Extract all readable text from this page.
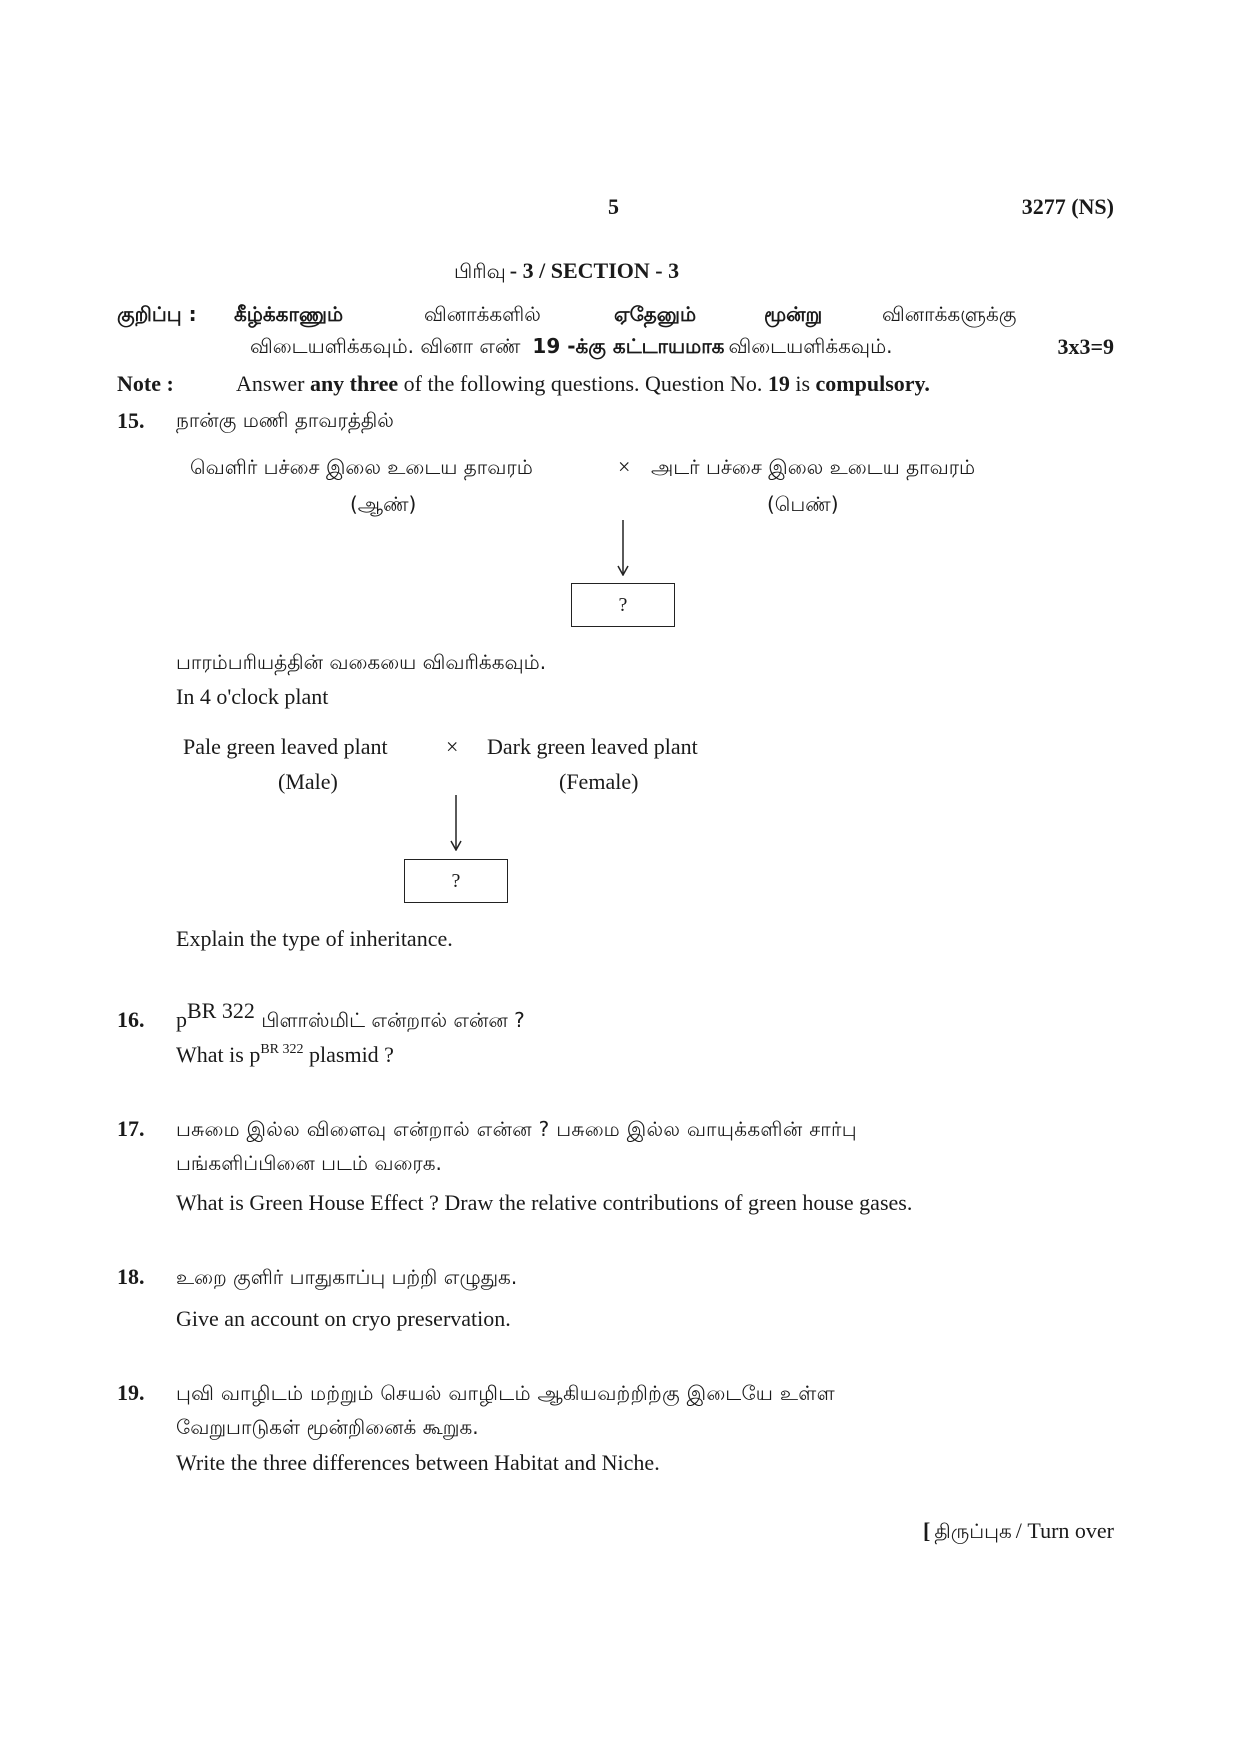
5	3277 (NS)
பிரிவு - 3 / SECTION - 3
குறிப்பு : கீழ்க்காணும்	வினாக்களில்	ஏதேனும்	மூன்று	வினாக்களுக்கு
விடையளிக்கவும். வினா எண் 19 -க்கு கட்டாயமாக விடையளிக்கவும்.	3x3=9
Note :	Answer any three of the following questions. Question No. 19 is compulsory.
15. நான்கு மணி தாவரத்தில்
வெளிர் பச்சை இலை உடைய தாவரம்	× அடர் பச்சை இலை உடைய தாவரம்
(ஆண்)	(பெண்)
?
பாரம்பரியத்தின் வகையை விவரிக்கவும்.
In 4 o'clock plant
Pale green leaved plant	× Dark green leaved plant
(Male)	(Female)
?
Explain the type of inheritance.
16. $p^{BR 322}$ பிளாஸ்மிட் என்றால் என்ன ?
What is $p^{BR 322}$ plasmid ?
17. பசுமை இல்ல விளைவு என்றால் என்ன ? பசுமை இல்ல வாயுக்களின் சார்பு
பங்களிப்பினை படம் வரைக.
What is Green House Effect ? Draw the relative contributions of green house gases.
18. உறை குளிர் பாதுகாப்பு பற்றி எழுதுக.
Give an account on cryo preservation.
19. புவி வாழிடம் மற்றும் செயல் வாழிடம் ஆகியவற்றிற்கு இடையே உள்ள
வேறுபாடுகள் மூன்றினைக் கூறுக.
Write the three differences between Habitat and Niche.
[ திருப்புக / Turn over
